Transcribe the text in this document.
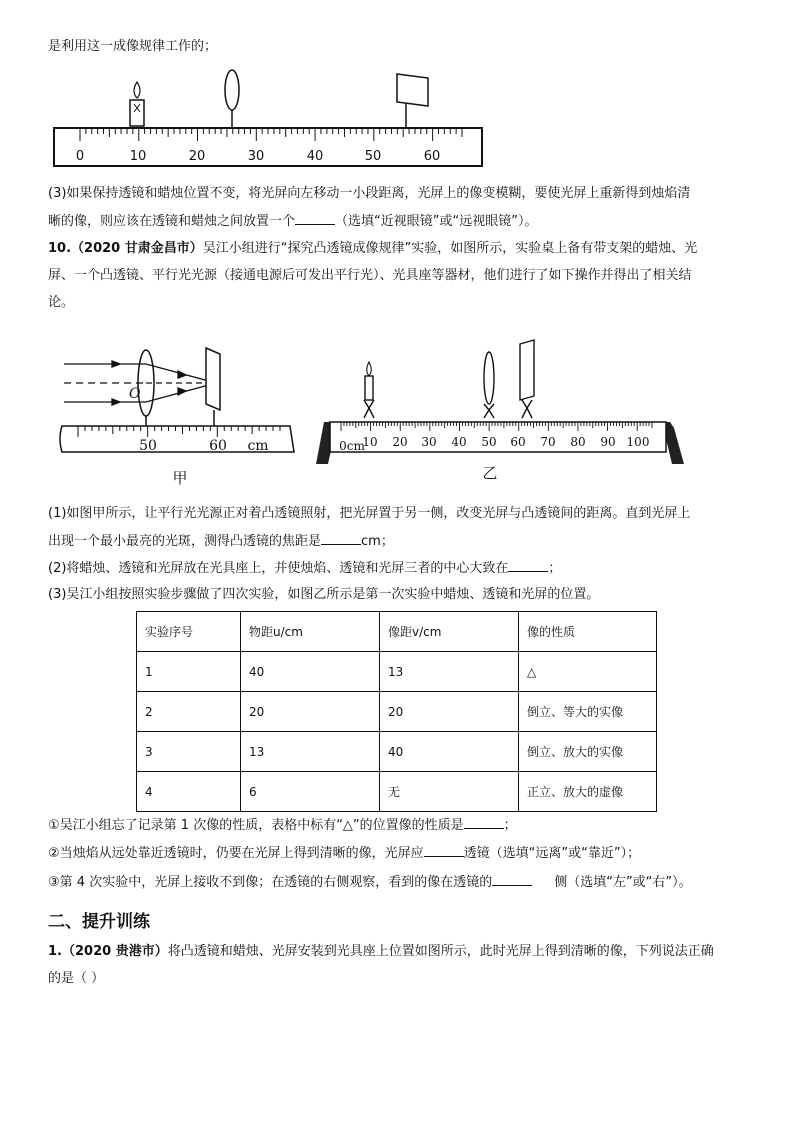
是利用这一成像规律工作的；
0	10	20	30	40	50	60
(3)如果保持透镜和蜡烛位置不变，将光屏向左移动一小段距离，光屏上的像变模糊，要使光屏上重新得到烛焰清
晰的像，则应该在透镜和蜡烛之间放置一个	（选填“近视眼镜”或“远视眼镜”）。
10.（2020 甘肃金昌市）吴江小组进行“探究凸透镜成像规律”实验，如图所示，实验桌上备有带支架的蜡烛、光
屏、一个凸透镜、平行光光源（接通电源后可发出平行光）、光具座等器材，他们进行了如下操作并得出了相关结
论。
O
50	60 cm
甲
0cm
10 20 30 40 50 60 70 80 90 100
乙
(1)如图甲所示，让平行光光源正对着凸透镜照射，把光屏置于另一侧，改变光屏与凸透镜间的距离。直到光屏上
出现一个最小最亮的光斑，测得凸透镜的焦距是	cm；
(2)将蜡烛、透镜和光屏放在光具座上，并使烛焰、透镜和光屏三者的中心大致在	；
(3)吴江小组按照实验步骤做了四次实验，如图乙所示是第一次实验中蜡烛、透镜和光屏的位置。
实验序号	物距u/cm	像距v/cm	像的性质
1	40	13	△
2	20	20	倒立、等大的实像
3	13	40	倒立、放大的实像
4	6	无	正立、放大的虚像
①吴江小组忘了记录第 1 次像的性质，表格中标有“△”的位置像的性质是	；
②当烛焰从远处靠近透镜时，仍要在光屏上得到清晰的像，光屏应	透镜（选填“远离”或“靠近”）；
③第 4 次实验中，光屏上接收不到像；在透镜的右侧观察，看到的像在透镜的	侧（选填“左”或“右”）。
二、提升训练
1.（2020 贵港市）将凸透镜和蜡烛、光屏安装到光具座上位置如图所示，此时光屏上得到清晰的像，下列说法正确
的是（ ）
